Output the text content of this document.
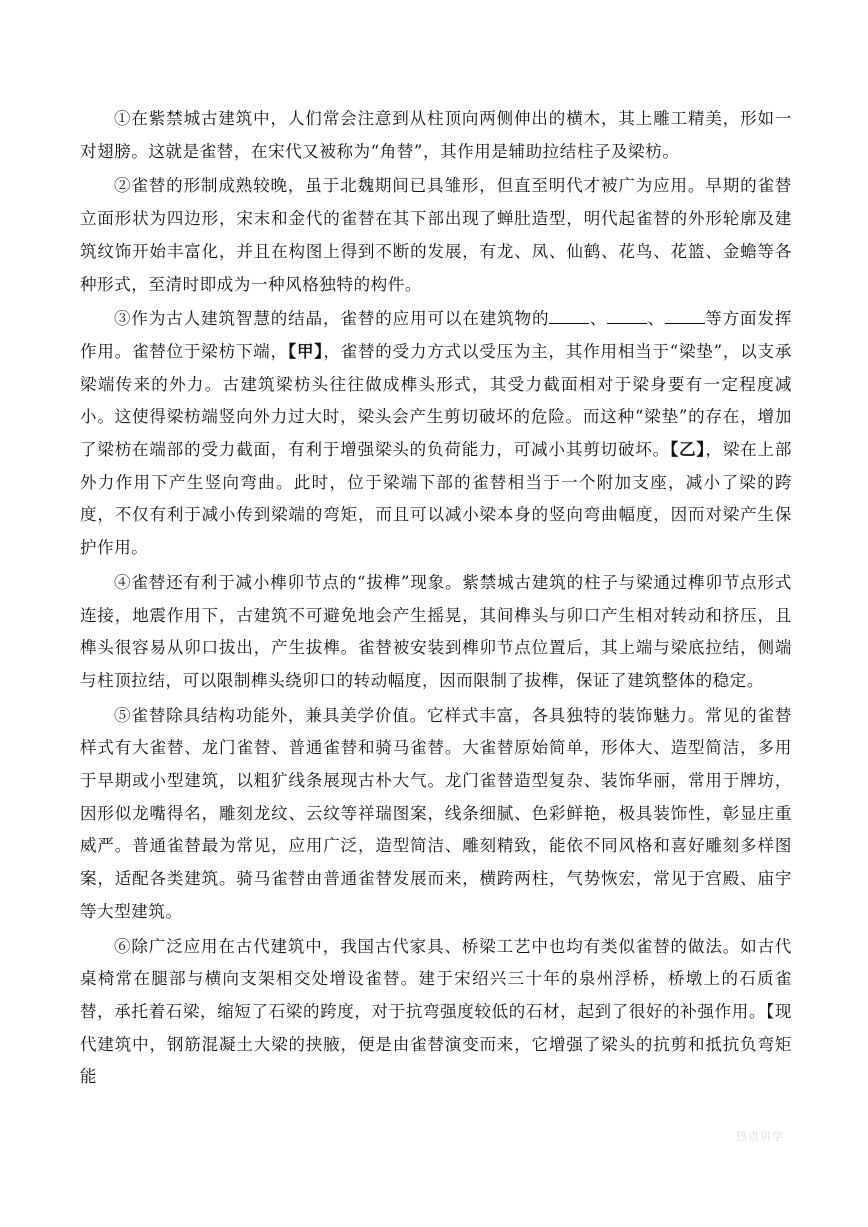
①在紫禁城古建筑中，人们常会注意到从柱顶向两侧伸出的横木，其上雕工精美，形如一对翅膀。这就是雀替，在宋代又被称为“角替”，其作用是辅助拉结柱子及梁枋。

②雀替的形制成熟较晚，虽于北魏期间已具雏形，但直至明代才被广为应用。早期的雀替立面形状为四边形，宋末和金代的雀替在其下部出现了蝉肚造型，明代起雀替的外形轮廓及建筑纹饰开始丰富化，并且在构图上得到不断的发展，有龙、凤、仙鹤、花鸟、花篮、金蟾等各种形式，至清时即成为一种风格独特的构件。

③作为古人建筑智慧的结晶，雀替的应用可以在建筑物的 、 、 等方面发挥作用。雀替位于梁枋下端，【甲】，雀替的受力方式以受压为主，其作用相当于“梁垫”，以支承梁端传来的外力。古建筑梁枋头往往做成榫头形式，其受力截面相对于梁身要有一定程度减小。这使得梁枋端竖向外力过大时，梁头会产生剪切破坏的危险。而这种“梁垫”的存在，增加了梁枋在端部的受力截面，有利于增强梁头的负荷能力，可减小其剪切破坏。【乙】，梁在上部外力作用下产生竖向弯曲。此时，位于梁端下部的雀替相当于一个附加支座，减小了梁的跨度，不仅有利于减小传到梁端的弯矩，而且可以减小梁本身的竖向弯曲幅度，因而对梁产生保护作用。

④雀替还有利于减小榫卯节点的“拔榫”现象。紫禁城古建筑的柱子与梁通过榫卯节点形式连接，地震作用下，古建筑不可避免地会产生摇晃，其间榫头与卯口产生相对转动和挤压，且榫头很容易从卯口拔出，产生拔榫。雀替被安装到榫卯节点位置后，其上端与梁底拉结，侧端与柱顶拉结，可以限制榫头绕卯口的转动幅度，因而限制了拔榫，保证了建筑整体的稳定。

⑤雀替除具结构功能外，兼具美学价值。它样式丰富，各具独特的装饰魅力。常见的雀替样式有大雀替、龙门雀替、普通雀替和骑马雀替。大雀替原始简单，形体大、造型简洁，多用于早期或小型建筑，以粗犷线条展现古朴大气。龙门雀替造型复杂、装饰华丽，常用于牌坊，因形似龙嘴得名，雕刻龙纹、云纹等祥瑞图案，线条细腻、色彩鲜艳，极具装饰性，彰显庄重威严。普通雀替最为常见，应用广泛，造型简洁、雕刻精致，能依不同风格和喜好雕刻多样图案，适配各类建筑。骑马雀替由普通雀替发展而来，横跨两柱，气势恢宏，常见于宫殿、庙宇等大型建筑。

⑥除广泛应用在古代建筑中，我国古代家具、桥梁工艺中也均有类似雀替的做法。如古代桌椅常在腿部与横向支架相交处增设雀替。建于宋绍兴三十年的泉州浮桥，桥墩上的石质雀替，承托着石梁，缩短了石梁的跨度，对于抗弯强度较低的石材，起到了很好的补强作用。【现代建筑中，钢筋混凝土大梁的挟腋，便是由雀替演变而来，它增强了梁头的抗剪和抵抗负弯矩能

热点讲学
